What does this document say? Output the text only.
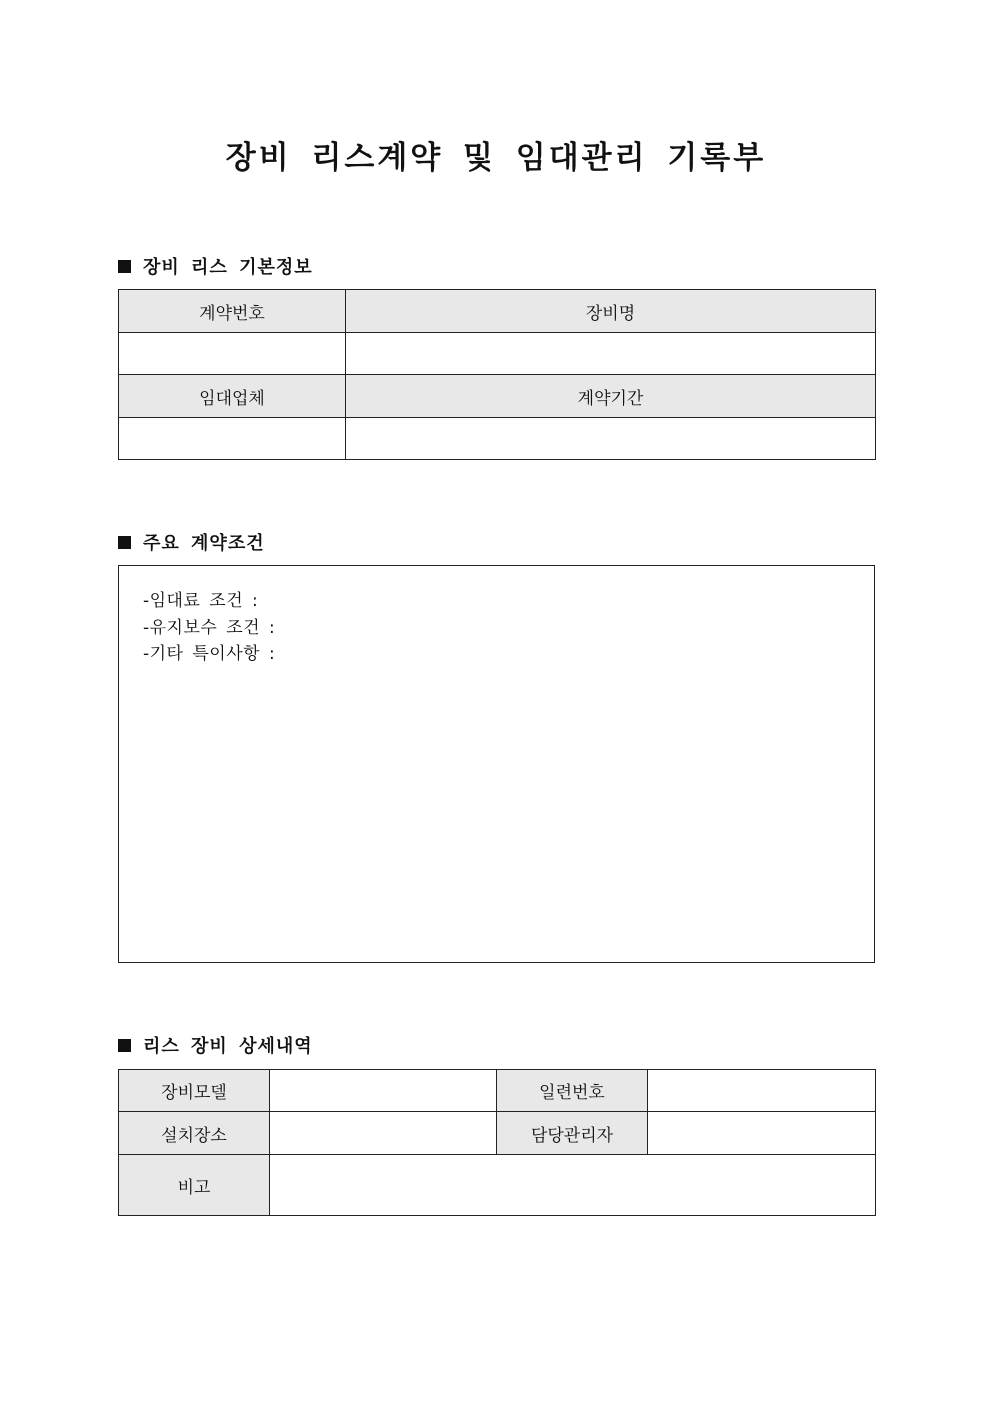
장비 리스계약 및 임대관리 기록부
장비 리스 기본정보
계약번호	장비명

임대업체	계약기간

주요 계약조건
-임대료 조건 :
-유지보수 조건 :
-기타 특이사항 :
리스 장비 상세내역
장비모델		일련번호	
설치장소		담당관리자	
비고			
